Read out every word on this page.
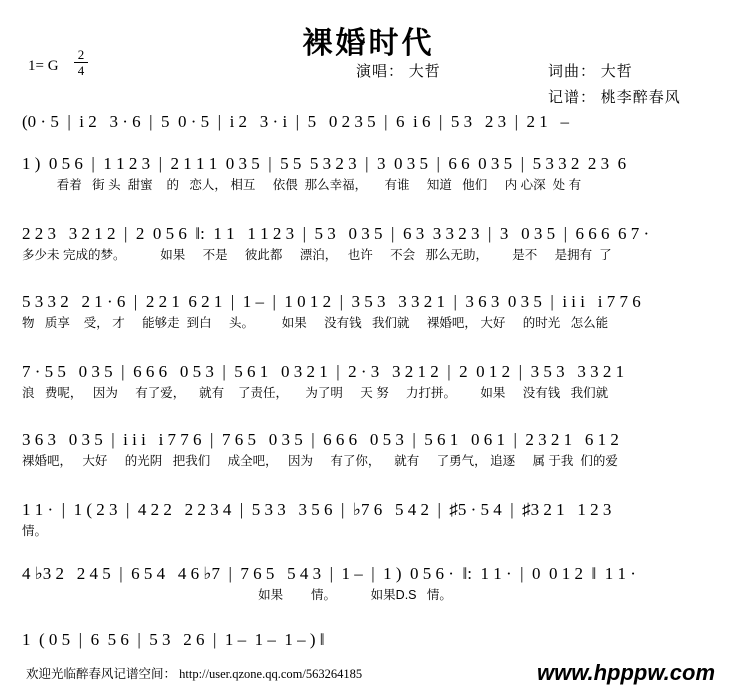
裸婚时代
1= G
2
4	演唱： 大哲	词曲： 大哲
记谱： 桃李醉春风
(0 · 5  |  i 2   3 · 6  |  5  0 · 5  |  i 2   3 · i  |  5   0 2 3 5  |  6  i 6  |  5 3   2 3  |  2 1   –
1 )  0 5 6  |  1 1 2 3  |  2 1 1 1  0 3 5  |  5 5  5 3 2 3  |  3  0 3 5  |  6 6  0 3 5  |  5 3 3 2  2 3  6
看着   街 头  甜蜜    的   恋人， 相互     依偎  那么幸福，     有谁     知道   他们     内 心深  处 有
2 2 3   3 2 1 2  |  2  0 5 6  ‖:  1 1   1 1 2 3  |  5 3   0 3 5  |  6 3  3 3 2 3  |  3   0 3 5  |  6 6 6  6 7 ·
多少未 完成的梦。          如果     不是     彼此都     漂泊，   也许     不会   那么无助，       是不     是拥有  了
5 3 3 2   2 1 · 6  |  2 2 1  6 2 1  |  1 –  |  1 0 1 2  |  3 5 3   3 3 2 1  |  3 6 3  0 3 5  |  i i i   i 7 7 6
物   质享    受， 才     能够走  到白     头。        如果     没有钱   我们就     裸婚吧， 大好     的时光   怎么能
7 · 5 5   0 3 5  |  6 6 6   0 5 3  |  5 6 1   0 3 2 1  |  2 · 3   3 2 1 2  |  2  0 1 2  |  3 5 3   3 3 2 1
浪   费呢，   因为     有了爱，    就有    了责任，     为了明     天 努     力打拼。       如果     没有钱   我们就
3 6 3   0 3 5  |  i i i   i 7 7 6  |  7 6 5   0 3 5  |  6 6 6   0 5 3  |  5 6 1   0 6 1  |  2 3 2 1   6 1 2
裸婚吧，   大好     的光阴   把我们     成全吧，   因为     有了你，    就有     了勇气， 追逐     属 于我  们的爱
1 1 ·  |  1 ( 2 3  |  4 2 2   2 2 3 4  |  5 3 3   3 5 6  |  ♭7 6   5 4 2  |  ♯5 · 5 4  |  ♯3 2 1   1 2 3
情。
4 ♭3 2   2 4 5  |  6 5 4   4 6 ♭7  |  7 6 5   5 4 3  |  1 –  |  1 )  0 5 6 ·  ‖:  1 1 ·  |  0  0 1 2  ‖  1 1 ·
如果        情。          如果D.S   情。
1  ( 0 5  |  6  5 6  |  5 3   2 6  |  1 –  1 –  1 – ) ‖
欢迎光临醉春风记谱空间： http://user.qzone.qq.com/563264185	www.hpppw.com
